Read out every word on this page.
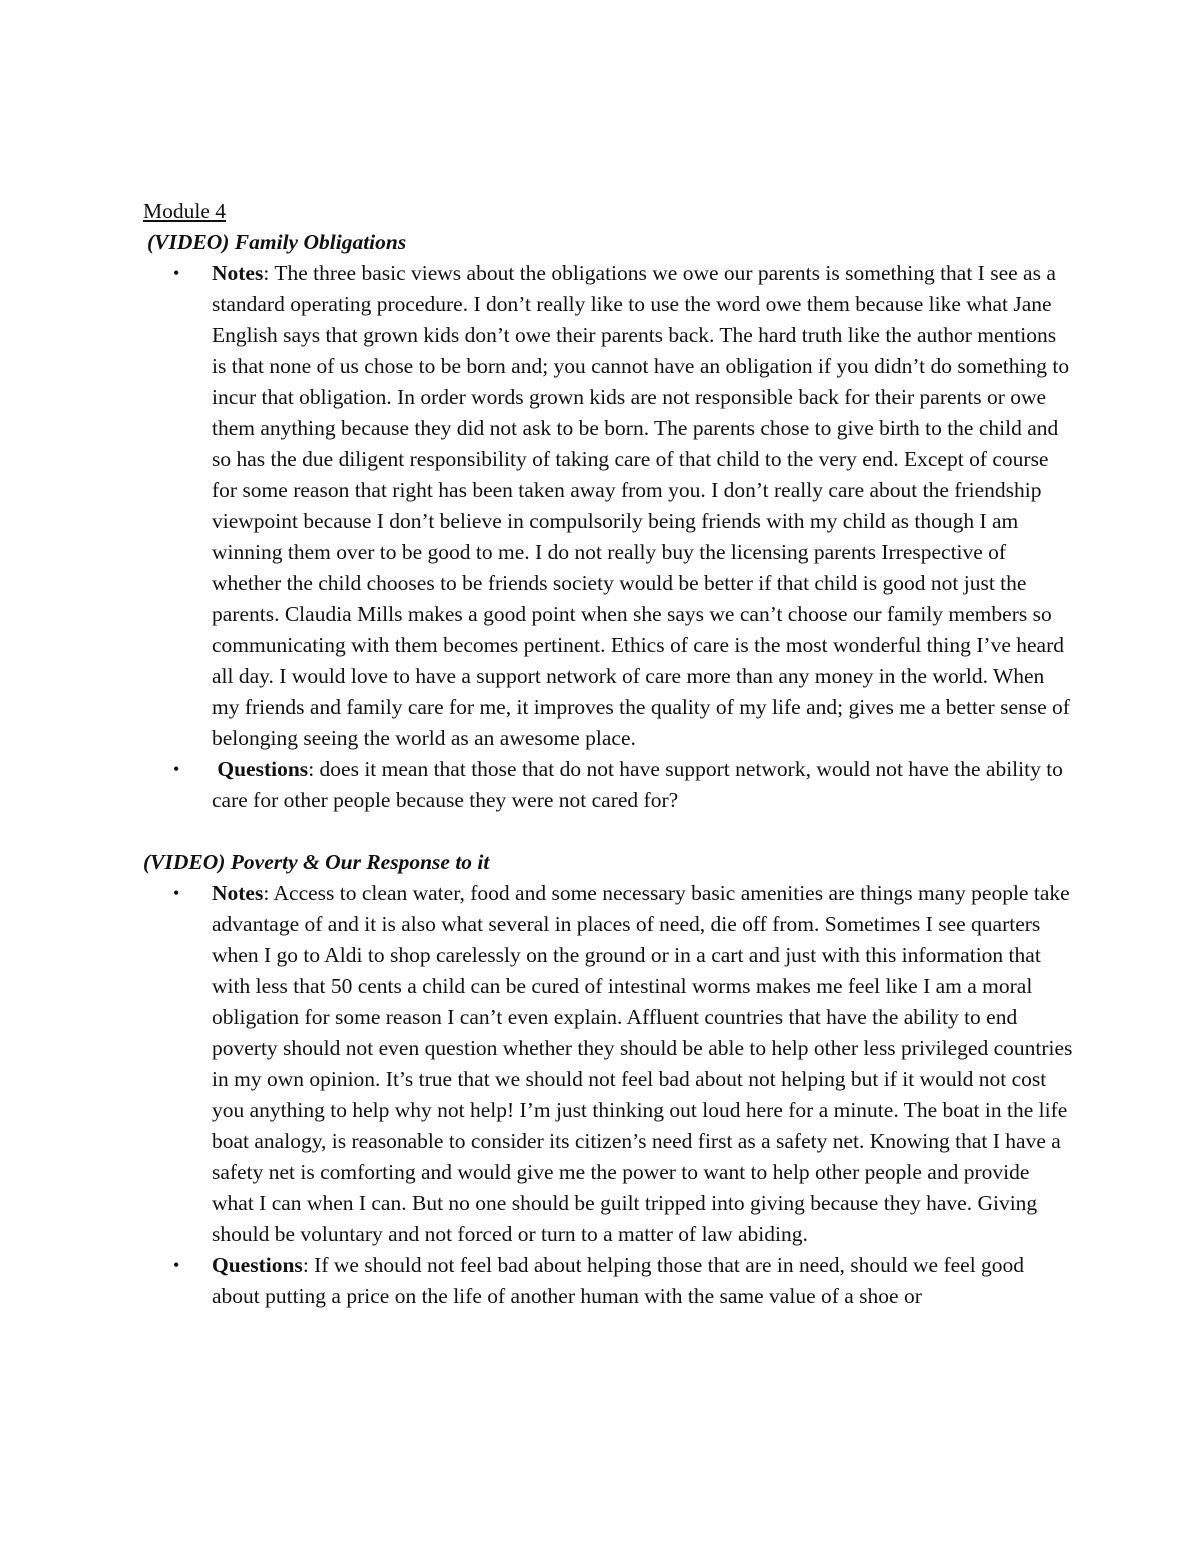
Module 4
(VIDEO) Family Obligations
• Notes: The three basic views about the obligations we owe our parents is something that I see as a standard operating procedure. I don’t really like to use the word owe them because like what Jane English says that grown kids don’t owe their parents back. The hard truth like the author mentions is that none of us chose to be born and; you cannot have an obligation if you didn’t do something to incur that obligation. In order words grown kids are not responsible back for their parents or owe them anything because they did not ask to be born. The parents chose to give birth to the child and so has the due diligent responsibility of taking care of that child to the very end. Except of course for some reason that right has been taken away from you. I don’t really care about the friendship viewpoint because I don’t believe in compulsorily being friends with my child as though I am winning them over to be good to me. I do not really buy the licensing parents Irrespective of whether the child chooses to be friends society would be better if that child is good not just the parents. Claudia Mills makes a good point when she says we can’t choose our family members so communicating with them becomes pertinent. Ethics of care is the most wonderful thing I’ve heard all day. I would love to have a support network of care more than any money in the world. When my friends and family care for me, it improves the quality of my life and; gives me a better sense of belonging seeing the world as an awesome place.
• Questions: does it mean that those that do not have support network, would not have the ability to care for other people because they were not cared for?
(VIDEO) Poverty & Our Response to it
• Notes: Access to clean water, food and some necessary basic amenities are things many people take advantage of and it is also what several in places of need, die off from. Sometimes I see quarters when I go to Aldi to shop carelessly on the ground or in a cart and just with this information that with less that 50 cents a child can be cured of intestinal worms makes me feel like I am a moral obligation for some reason I can’t even explain. Affluent countries that have the ability to end poverty should not even question whether they should be able to help other less privileged countries in my own opinion. It’s true that we should not feel bad about not helping but if it would not cost you anything to help why not help! I’m just thinking out loud here for a minute. The boat in the life boat analogy, is reasonable to consider its citizen’s need first as a safety net. Knowing that I have a safety net is comforting and would give me the power to want to help other people and provide what I can when I can. But no one should be guilt tripped into giving because they have. Giving should be voluntary and not forced or turn to a matter of law abiding.
• Questions: If we should not feel bad about helping those that are in need, should we feel good about putting a price on the life of another human with the same value of a shoe or
